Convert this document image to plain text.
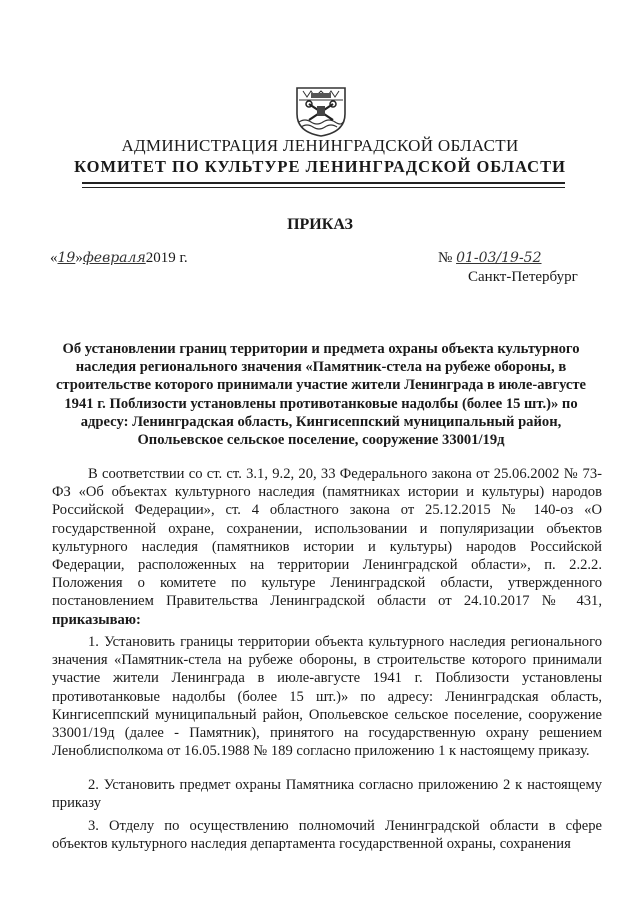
АДМИНИСТРАЦИЯ ЛЕНИНГРАДСКОЙ ОБЛАСТИ
КОМИТЕТ ПО КУЛЬТУРЕ ЛЕНИНГРАДСКОЙ ОБЛАСТИ
ПРИКАЗ
«19»февраля2019 г.	№ 01-03/19-52
Санкт-Петербург
Об установлении границ территории и предмета охраны объекта культурного наследия регионального значения «Памятник-стела на рубеже обороны, в строительстве которого принимали участие жители Ленинграда в июле-августе 1941 г. Поблизости установлены противотанковые надолбы (более 15 шт.)» по адресу: Ленинградская область, Кингисеппский муниципальный район, Опольевское сельское поселение, сооружение 33001/19д
В соответствии со ст. ст. 3.1, 9.2, 20, 33 Федерального закона от 25.06.2002 № 73-ФЗ «Об объектах культурного наследия (памятниках истории и культуры) народов Российской Федерации», ст. 4 областного закона от 25.12.2015 № 140-оз «О государственной охране, сохранении, использовании и популяризации объектов культурного наследия (памятников истории и культуры) народов Российской Федерации, расположенных на территории Ленинградской области», п. 2.2.2. Положения о комитете по культуре Ленинградской области, утвержденного постановлением Правительства Ленинградской области от 24.10.2017 № 431, приказываю:
1. Установить границы территории объекта культурного наследия регионального значения «Памятник-стела на рубеже обороны, в строительстве которого принимали участие жители Ленинграда в июле-августе 1941 г. Поблизости установлены противотанковые надолбы (более 15 шт.)» по адресу: Ленинградская область, Кингисеппский муниципальный район, Опольевское сельское поселение, сооружение 33001/19д (далее - Памятник), принятого на государственную охрану решением Леноблисполкома от 16.05.1988 № 189 согласно приложению 1 к настоящему приказу.
2. Установить предмет охраны Памятника согласно приложению 2 к настоящему приказу
3. Отделу по осуществлению полномочий Ленинградской области в сфере объектов культурного наследия департамента государственной охраны, сохранения
